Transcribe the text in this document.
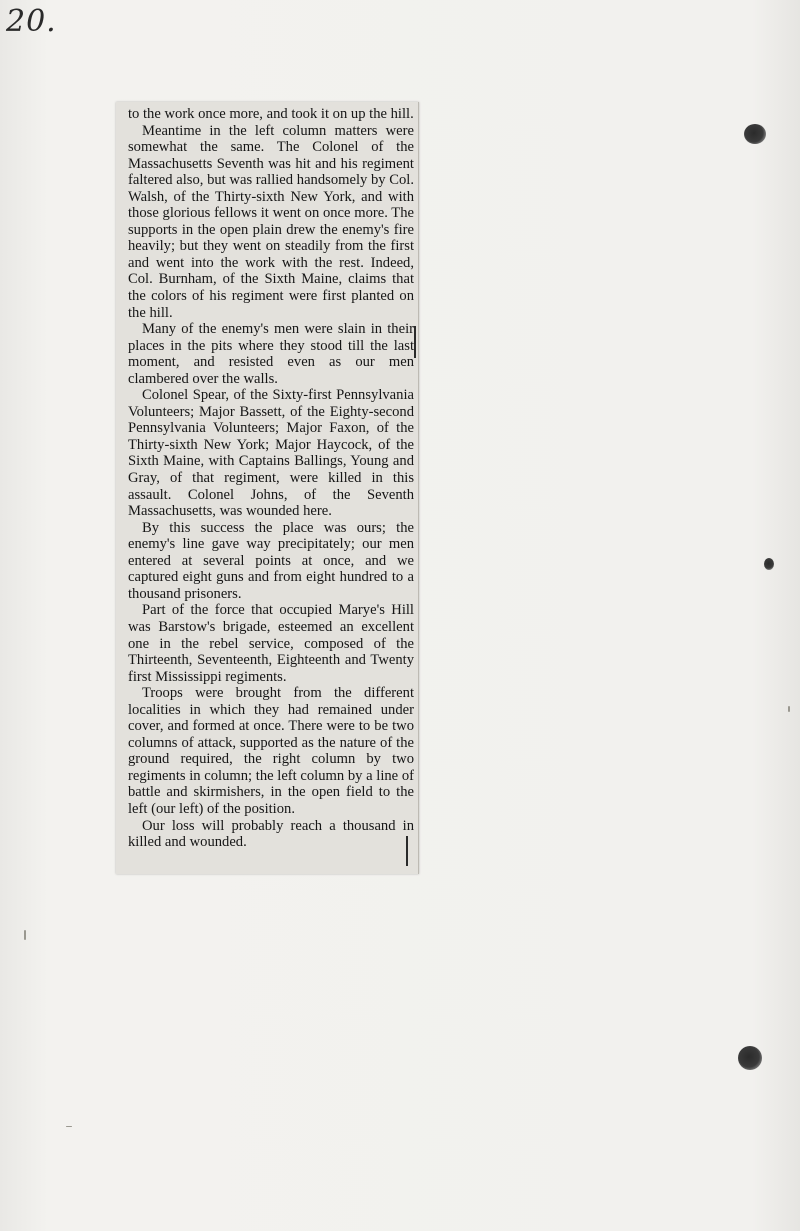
20.

to the work once more, and took it on up the hill.

Meantime in the left column matters were somewhat the same. The Colonel of the Massachusetts Seventh was hit and his regiment faltered also, but was rallied handsomely by Col. Walsh, of the Thirty-sixth New York, and with those glorious fellows it went on once more. The supports in the open plain drew the enemy's fire heavily; but they went on steadily from the first and went into the work with the rest. Indeed, Col. Burnham, of the Sixth Maine, claims that the colors of his regiment were first planted on the hill.

Many of the enemy's men were slain in their places in the pits where they stood till the last moment, and resisted even as our men clambered over the walls.

Colonel Spear, of the Sixty-first Pennsylvania Volunteers; Major Bassett, of the Eighty-second Pennsylvania Volunteers; Major Faxon, of the Thirty-sixth New York; Major Haycock, of the Sixth Maine, with Captains Ballings, Young and Gray, of that regiment, were killed in this assault. Colonel Johns, of the Seventh Massachusetts, was wounded here.

By this success the place was ours; the enemy's line gave way precipitately; our men entered at several points at once, and we captured eight guns and from eight hundred to a thousand prisoners.

Part of the force that occupied Marye's Hill was Barstow's brigade, esteemed an excellent one in the rebel service, composed of the Thirteenth, Seventeenth, Eighteenth and Twenty first Mississippi regiments.

Troops were brought from the different localities in which they had remained under cover, and formed at once. There were to be two columns of attack, supported as the nature of the ground required, the right column by two regiments in column; the left column by a line of battle and skirmishers, in the open field to the left (our left) of the position.

Our loss will probably reach a thousand in killed and wounded.
